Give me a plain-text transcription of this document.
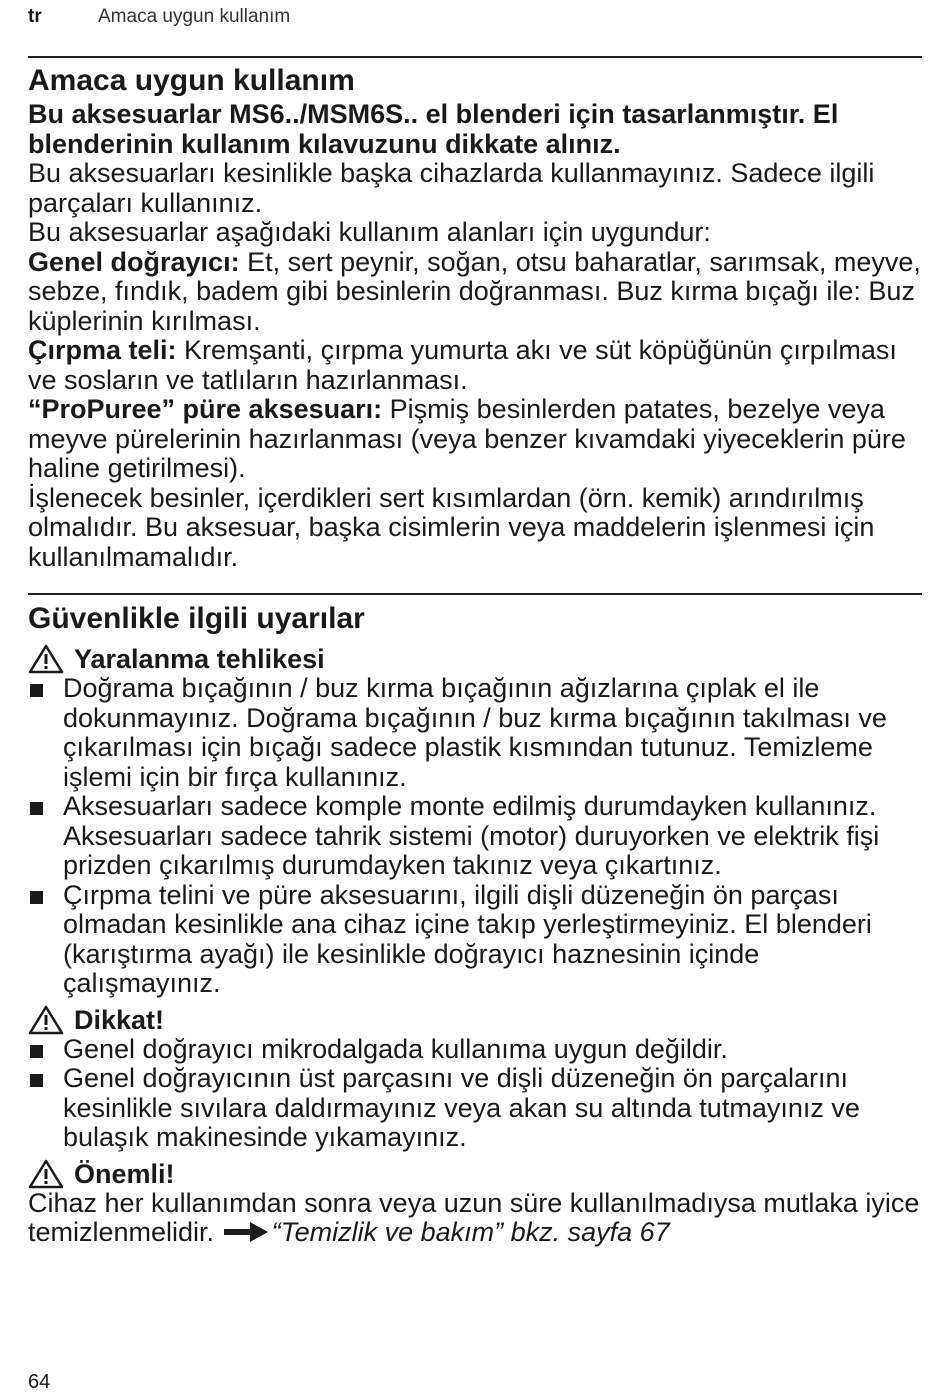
tr	Amaca uygun kullanım
Amaca uygun kullanım

Bu aksesuarlar MS6../MSM6S.. el blenderi için tasarlanmıştır. El blenderinin kullanım kılavuzunu dikkate alınız.

Bu aksesuarları kesinlikle başka cihazlarda kullanmayınız. Sadece ilgili parçaları kullanınız.

Bu aksesuarlar aşağıdaki kullanım alanları için uygundur:

Genel doğrayıcı: Et, sert peynir, soğan, otsu baharatlar, sarımsak, meyve, sebze, fındık, badem gibi besinlerin doğranması. Buz kırma bıçağı ile: Buz küplerinin kırılması.

Çırpma teli: Kremşanti, çırpma yumurta akı ve süt köpüğünün çırpılması ve sosların ve tatlıların hazırlanması.

“ProPuree” püre aksesuarı: Pişmiş besinlerden patates, bezelye veya meyve pürelerinin hazırlanması (veya benzer kıvamdaki yiyeceklerin püre haline getirilmesi).

İşlenecek besinler, içerdikleri sert kısımlardan (örn. kemik) arındırılmış olmalıdır. Bu aksesuar, başka cisimlerin veya maddelerin işlenmesi için kullanılmamalıdır.

Güvenlikle ilgili uyarılar
Yaralanma tehlikesi
Doğrama bıçağının / buz kırma bıçağının ağızlarına çıplak el ile dokunmayınız. Doğrama bıçağının / buz kırma bıçağının takılması ve çıkarılması için bıçağı sadece plastik kısmından tutunuz. Temizleme işlemi için bir fırça kullanınız.
Aksesuarları sadece komple monte edilmiş durumdayken kullanınız. Aksesuarları sadece tahrik sistemi (motor) duruyorken ve elektrik fişi prizden çıkarılmış durumdayken takınız veya çıkartınız.
Çırpma telini ve püre aksesuarını, ilgili dişli düzeneğin ön parçası olmadan kesinlikle ana cihaz içine takıp yerleştirmeyiniz. El blenderi (karıştırma ayağı) ile kesinlikle doğrayıcı haznesinin içinde çalışmayınız.
Dikkat!
Genel doğrayıcı mikrodalgada kullanıma uygun değildir.
Genel doğrayıcının üst parçasını ve dişli düzeneğin ön parçalarını kesinlikle sıvılara daldırmayınız veya akan su altında tutmayınız ve bulaşık makinesinde yıkamayınız.
Önemli!

Cihaz her kullanımdan sonra veya uzun süre kullanılmadıysa mutlaka iyice temizlenmelidir. “Temizlik ve bakım” bkz. sayfa 67

64
